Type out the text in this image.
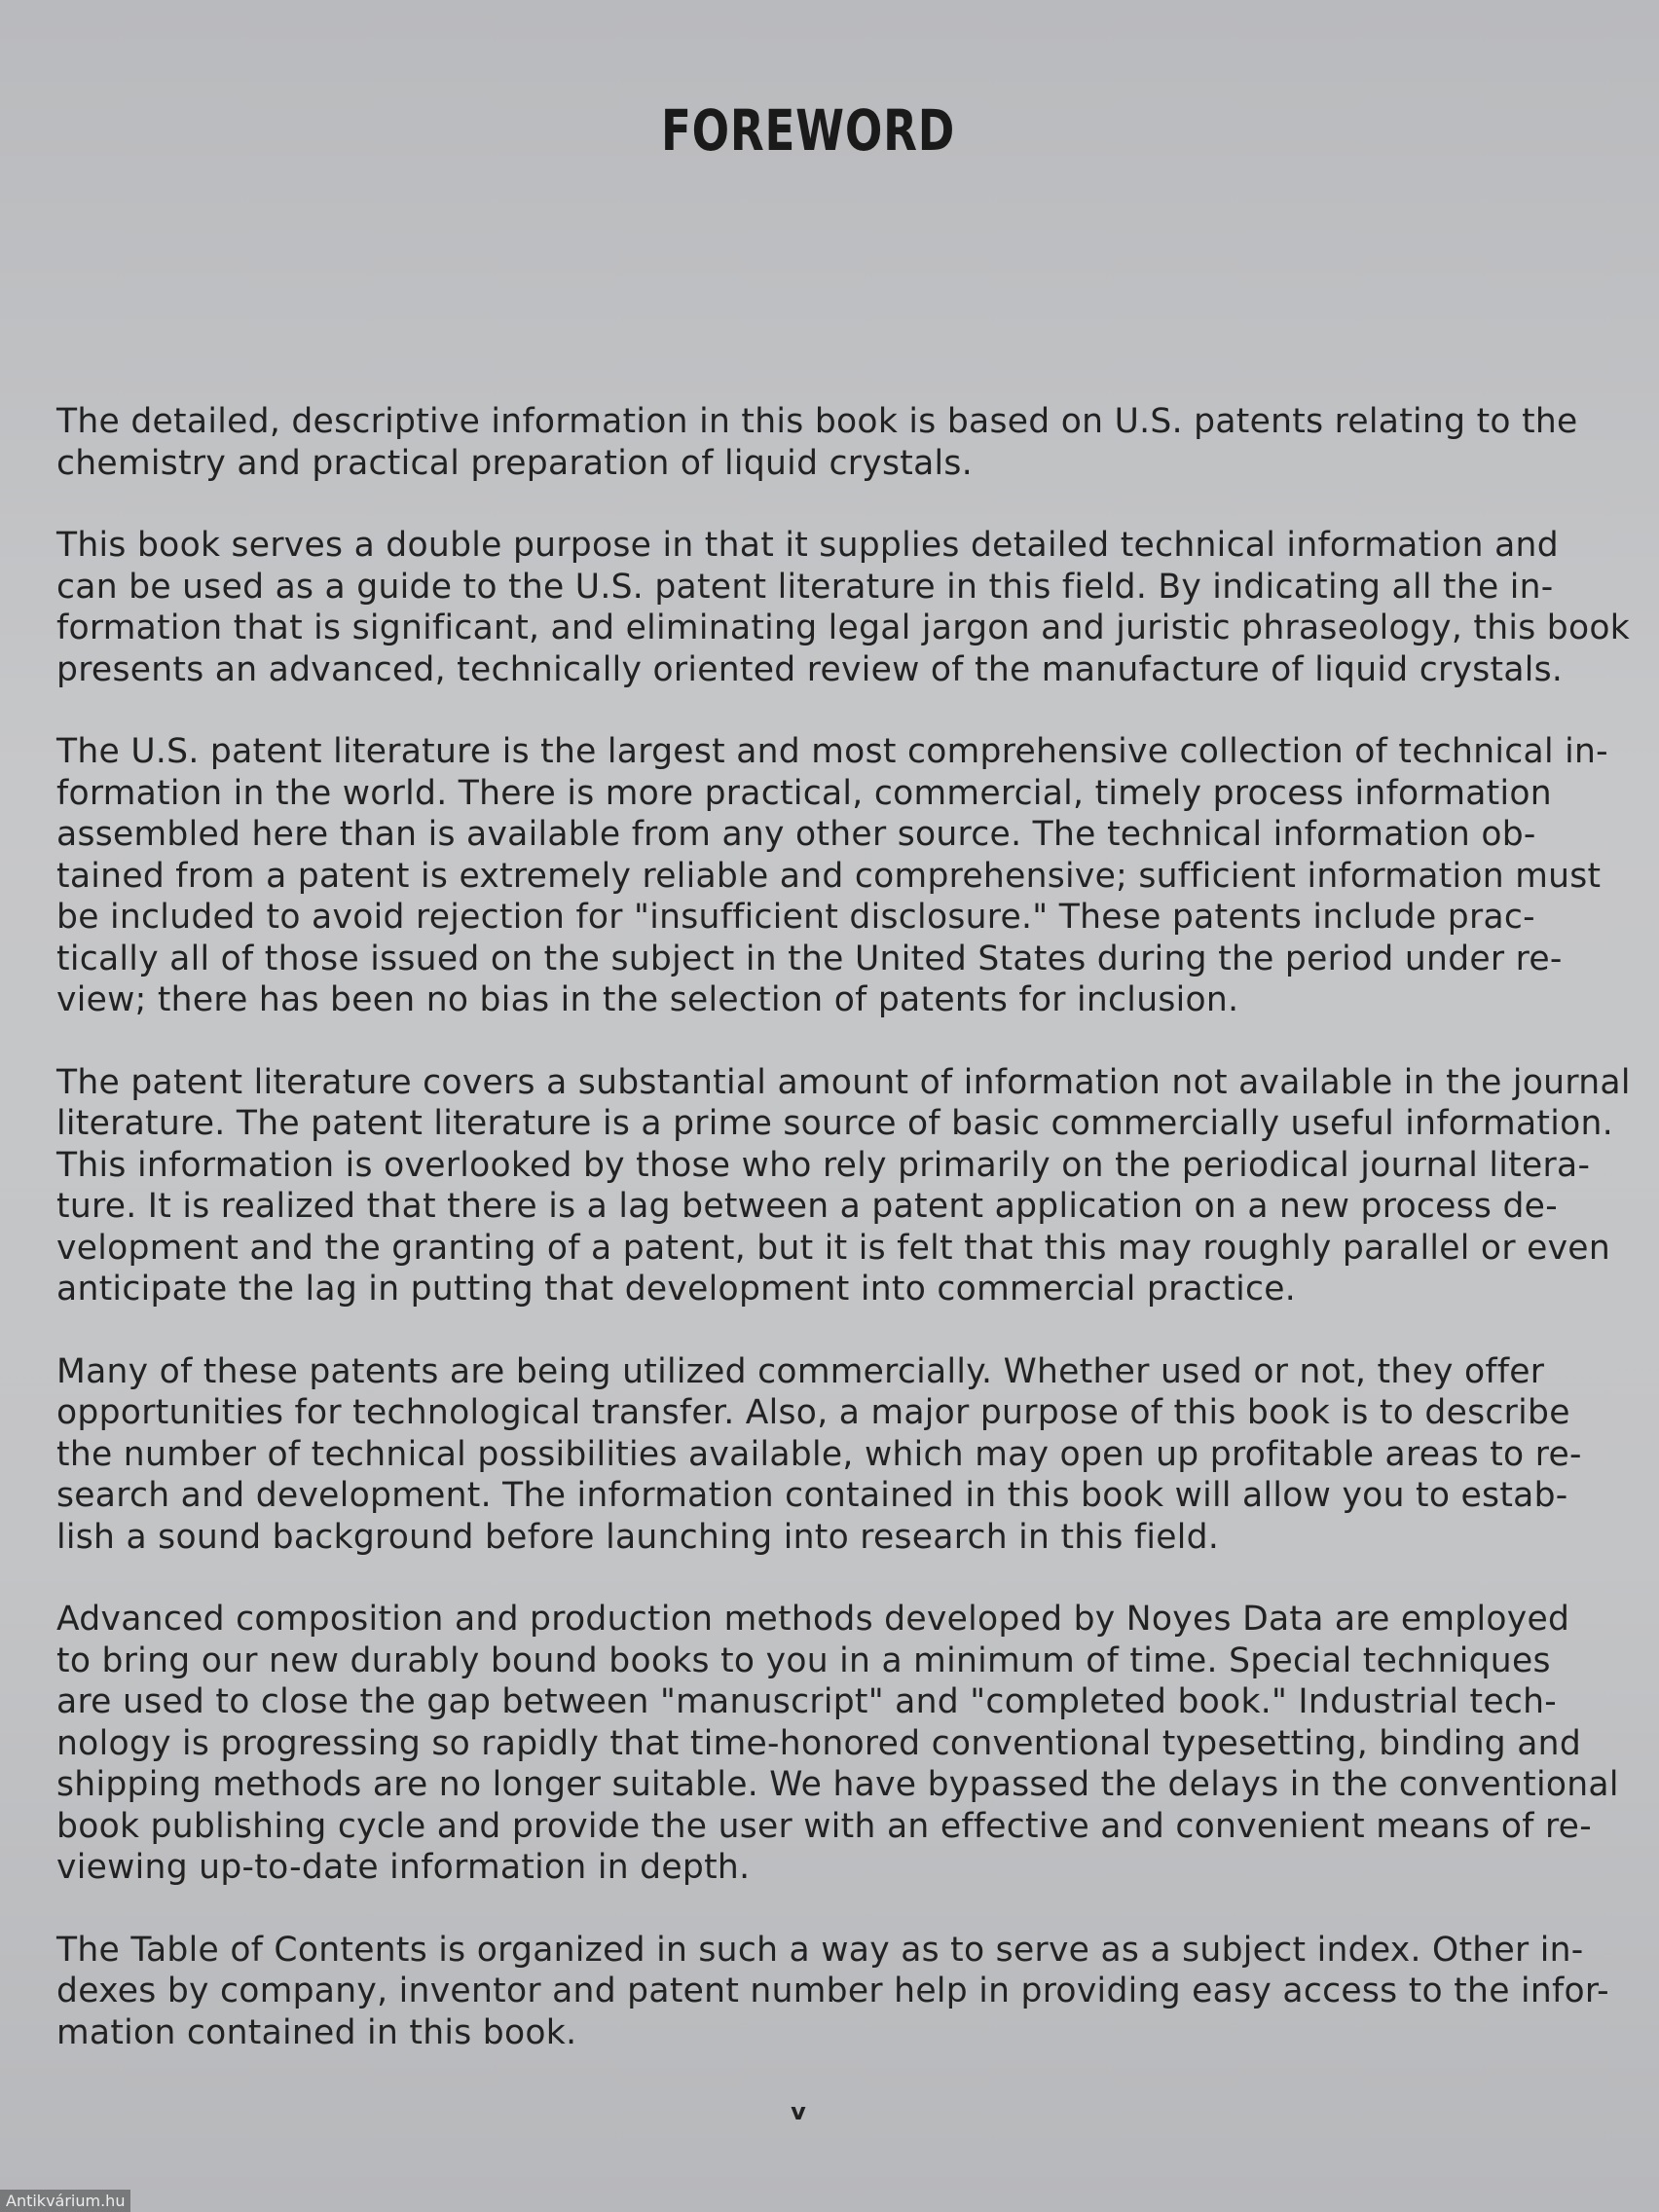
FOREWORD

The detailed, descriptive information in this book is based on U.S. patents relating to the
chemistry and practical preparation of liquid crystals.

This book serves a double purpose in that it supplies detailed technical information and
can be used as a guide to the U.S. patent literature in this field. By indicating all the in-
formation that is significant, and eliminating legal jargon and juristic phraseology, this book
presents an advanced, technically oriented review of the manufacture of liquid crystals.

The U.S. patent literature is the largest and most comprehensive collection of technical in-
formation in the world. There is more practical, commercial, timely process information
assembled here than is available from any other source. The technical information ob-
tained from a patent is extremely reliable and comprehensive; sufficient information must
be included to avoid rejection for "insufficient disclosure." These patents include prac-
tically all of those issued on the subject in the United States during the period under re-
view; there has been no bias in the selection of patents for inclusion.

The patent literature covers a substantial amount of information not available in the journal
literature. The patent literature is a prime source of basic commercially useful information.
This information is overlooked by those who rely primarily on the periodical journal litera-
ture. It is realized that there is a lag between a patent application on a new process de-
velopment and the granting of a patent, but it is felt that this may roughly parallel or even
anticipate the lag in putting that development into commercial practice.

Many of these patents are being utilized commercially. Whether used or not, they offer
opportunities for technological transfer. Also, a major purpose of this book is to describe
the number of technical possibilities available, which may open up profitable areas to re-
search and development. The information contained in this book will allow you to estab-
lish a sound background before launching into research in this field.

Advanced composition and production methods developed by Noyes Data are employed
to bring our new durably bound books to you in a minimum of time. Special techniques
are used to close the gap between "manuscript" and "completed book." Industrial tech-
nology is progressing so rapidly that time-honored conventional typesetting, binding and
shipping methods are no longer suitable. We have bypassed the delays in the conventional
book publishing cycle and provide the user with an effective and convenient means of re-
viewing up-to-date information in depth.

The Table of Contents is organized in such a way as to serve as a subject index. Other in-
dexes by company, inventor and patent number help in providing easy access to the infor-
mation contained in this book.

v
Antikvárium.hu
